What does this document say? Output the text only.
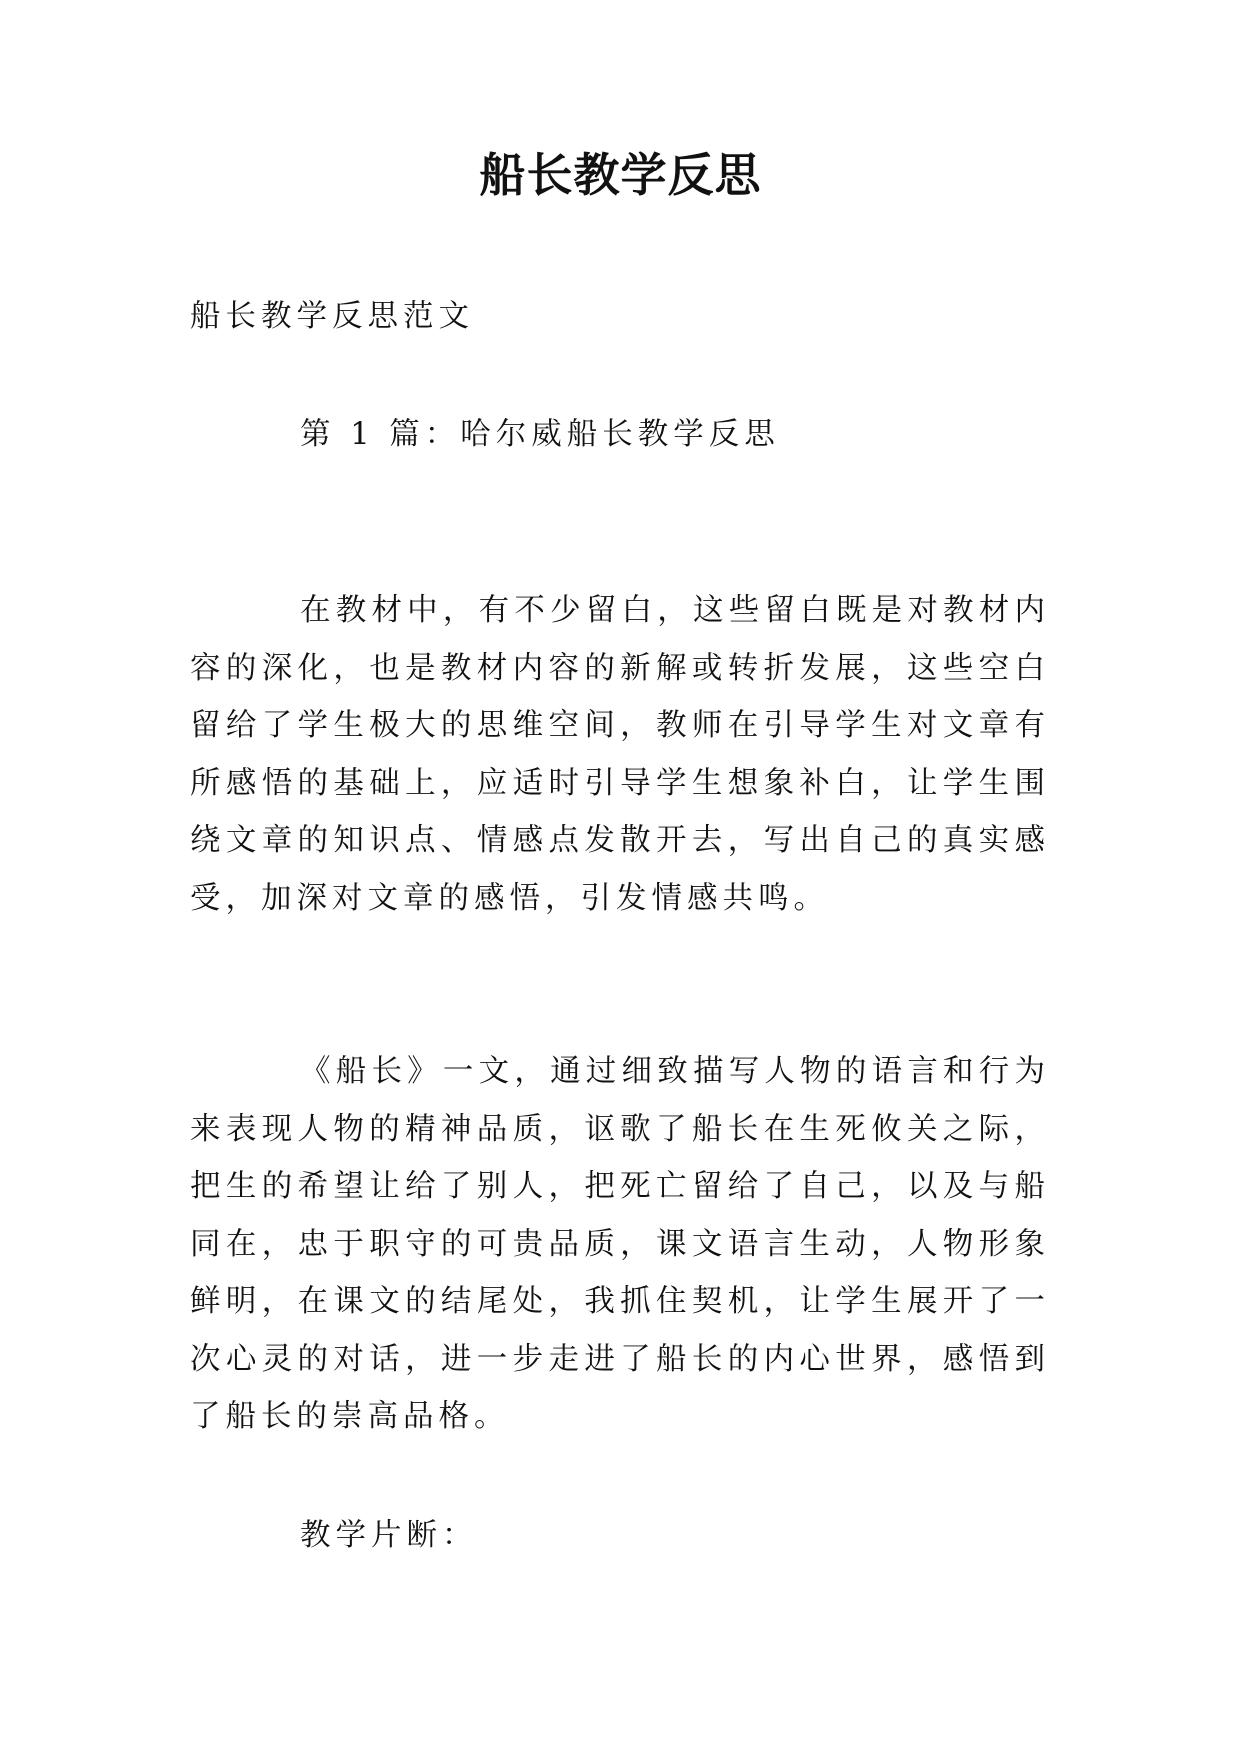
船长教学反思

船长教学反思范文

第 1 篇：哈尔威船长教学反思

在教材中，有不少留白，这些留白既是对教材内容的深化，也是教材内容的新解或转折发展，这些空白留给了学生极大的思维空间，教师在引导学生对文章有所感悟的基础上，应适时引导学生想象补白，让学生围绕文章的知识点、情感点发散开去，写出自己的真实感受，加深对文章的感悟，引发情感共鸣。

《船长》一文，通过细致描写人物的语言和行为来表现人物的精神品质，讴歌了船长在生死攸关之际，把生的希望让给了别人，把死亡留给了自己，以及与船同在，忠于职守的可贵品质，课文语言生动，人物形象鲜明，在课文的结尾处，我抓住契机，让学生展开了一次心灵的对话，进一步走进了船长的内心世界，感悟到了船长的崇高品格。

教学片断：
